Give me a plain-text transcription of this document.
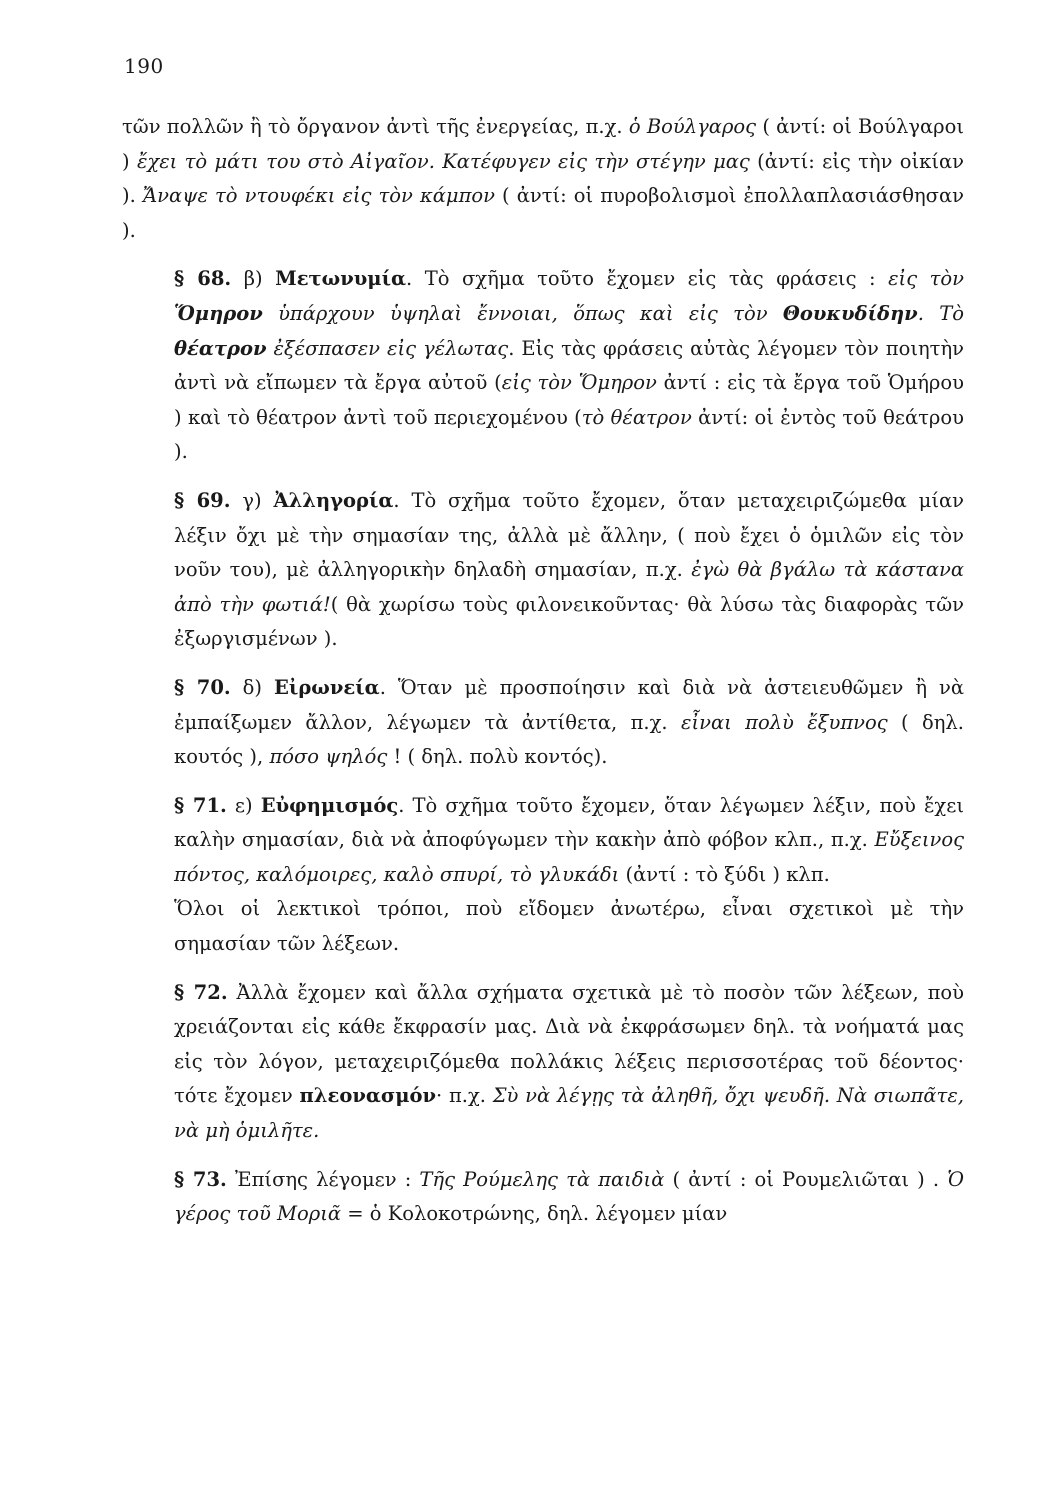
190

τῶν πολλῶν ἢ τὸ ὄργανον ἀντὶ τῆς ἐνεργείας, π.χ. ὁ Βούλγαρος ( ἀντί: οἱ Βούλγαροι ) ἔχει τὸ μάτι του στὸ Αἰγαῖον. Κατέφυγεν εἰς τὴν στέγην μας (ἀντί: εἰς τὴν οἰκίαν ). Ἄναψε τὸ ντουφέκι εἰς τὸν κάμπον ( ἀντί: οἱ πυροβολισμοὶ ἐπολλαπλασιάσθησαν ).

§ 68. β) Μετωνυμία. Τὸ σχῆμα τοῦτο ἔχομεν εἰς τὰς φράσεις : εἰς τὸν Ὅμηρον ὑπάρχουν ὑψηλαὶ ἔννοιαι, ὅπως καὶ εἰς τὸν Θουκυδίδην. Τὸ θέατρον ἐξέσπασεν εἰς γέλωτας. Εἰς τὰς φράσεις αὐτὰς λέγομεν τὸν ποιητὴν ἀντὶ νὰ εἴπωμεν τὰ ἔργα αὐτοῦ (εἰς τὸν Ὅμηρον ἀντί : εἰς τὰ ἔργα τοῦ Ὁμήρου ) καὶ τὸ θέατρον ἀντὶ τοῦ περιεχομένου (τὸ θέατρον ἀντί: οἱ ἐντὸς τοῦ θεάτρου ).

§ 69. γ) Ἀλληγορία. Τὸ σχῆμα τοῦτο ἔχομεν, ὅταν μεταχειριζώμεθα μίαν λέξιν ὄχι μὲ τὴν σημασίαν της, ἀλλὰ μὲ ἄλλην, ( ποὺ ἔχει ὁ ὁμιλῶν εἰς τὸν νοῦν του), μὲ ἀλληγορικὴν δηλαδὴ σημασίαν, π.χ. ἐγὼ θὰ βγάλω τὰ κάστανα ἀπὸ τὴν φωτιά!( θὰ χωρίσω τοὺς φιλονεικοῦντας· θὰ λύσω τὰς διαφορὰς τῶν ἐξωργισμένων ).

§ 70. δ) Εἰρωνεία. Ὅταν μὲ προσποίησιν καὶ διὰ νὰ ἀστειευθῶμεν ἢ νὰ ἐμπαίξωμεν ἄλλον, λέγωμεν τὰ ἀντίθετα, π.χ. εἶναι πολὺ ἔξυπνος ( δηλ. κουτός ), πόσο ψηλός ! ( δηλ. πολὺ κοντός).

§ 71. ε) Εὐφημισμός. Τὸ σχῆμα τοῦτο ἔχομεν, ὅταν λέγωμεν λέξιν, ποὺ ἔχει καλὴν σημασίαν, διὰ νὰ ἀποφύγωμεν τὴν κακὴν ἀπὸ φόβον κλπ., π.χ. Εὔξεινος πόντος, καλόμοιρες, καλὸ σπυρί, τὸ γλυκάδι (ἀντί : τὸ ξύδι ) κλπ.

Ὅλοι οἱ λεκτικοὶ τρόποι, ποὺ εἴδομεν ἀνωτέρω, εἶναι σχετικοὶ μὲ τὴν σημασίαν τῶν λέξεων.

§ 72. Ἀλλὰ ἔχομεν καὶ ἄλλα σχήματα σχετικὰ μὲ τὸ ποσὸν τῶν λέξεων, ποὺ χρειάζονται εἰς κάθε ἔκφρασίν μας. Διὰ νὰ ἐκφράσωμεν δηλ. τὰ νοήματά μας εἰς τὸν λόγον, μεταχειριζόμεθα πολλάκις λέξεις περισσοτέρας τοῦ δέοντος· τότε ἔχομεν πλεονασμόν· π.χ. Σὺ νὰ λέγῃς τὰ ἀληθῆ, ὄχι ψευδῆ. Νὰ σιωπᾶτε, νὰ μὴ ὁμιλῆτε.

§ 73. Ἐπίσης λέγομεν : Τῆς Ρούμελης τὰ παιδιὰ ( ἀντί : οἱ Ρουμελιῶται ) . Ὁ γέρος τοῦ Μοριᾶ = ὁ Κολοκοτρώνης, δηλ. λέγομεν μίαν
